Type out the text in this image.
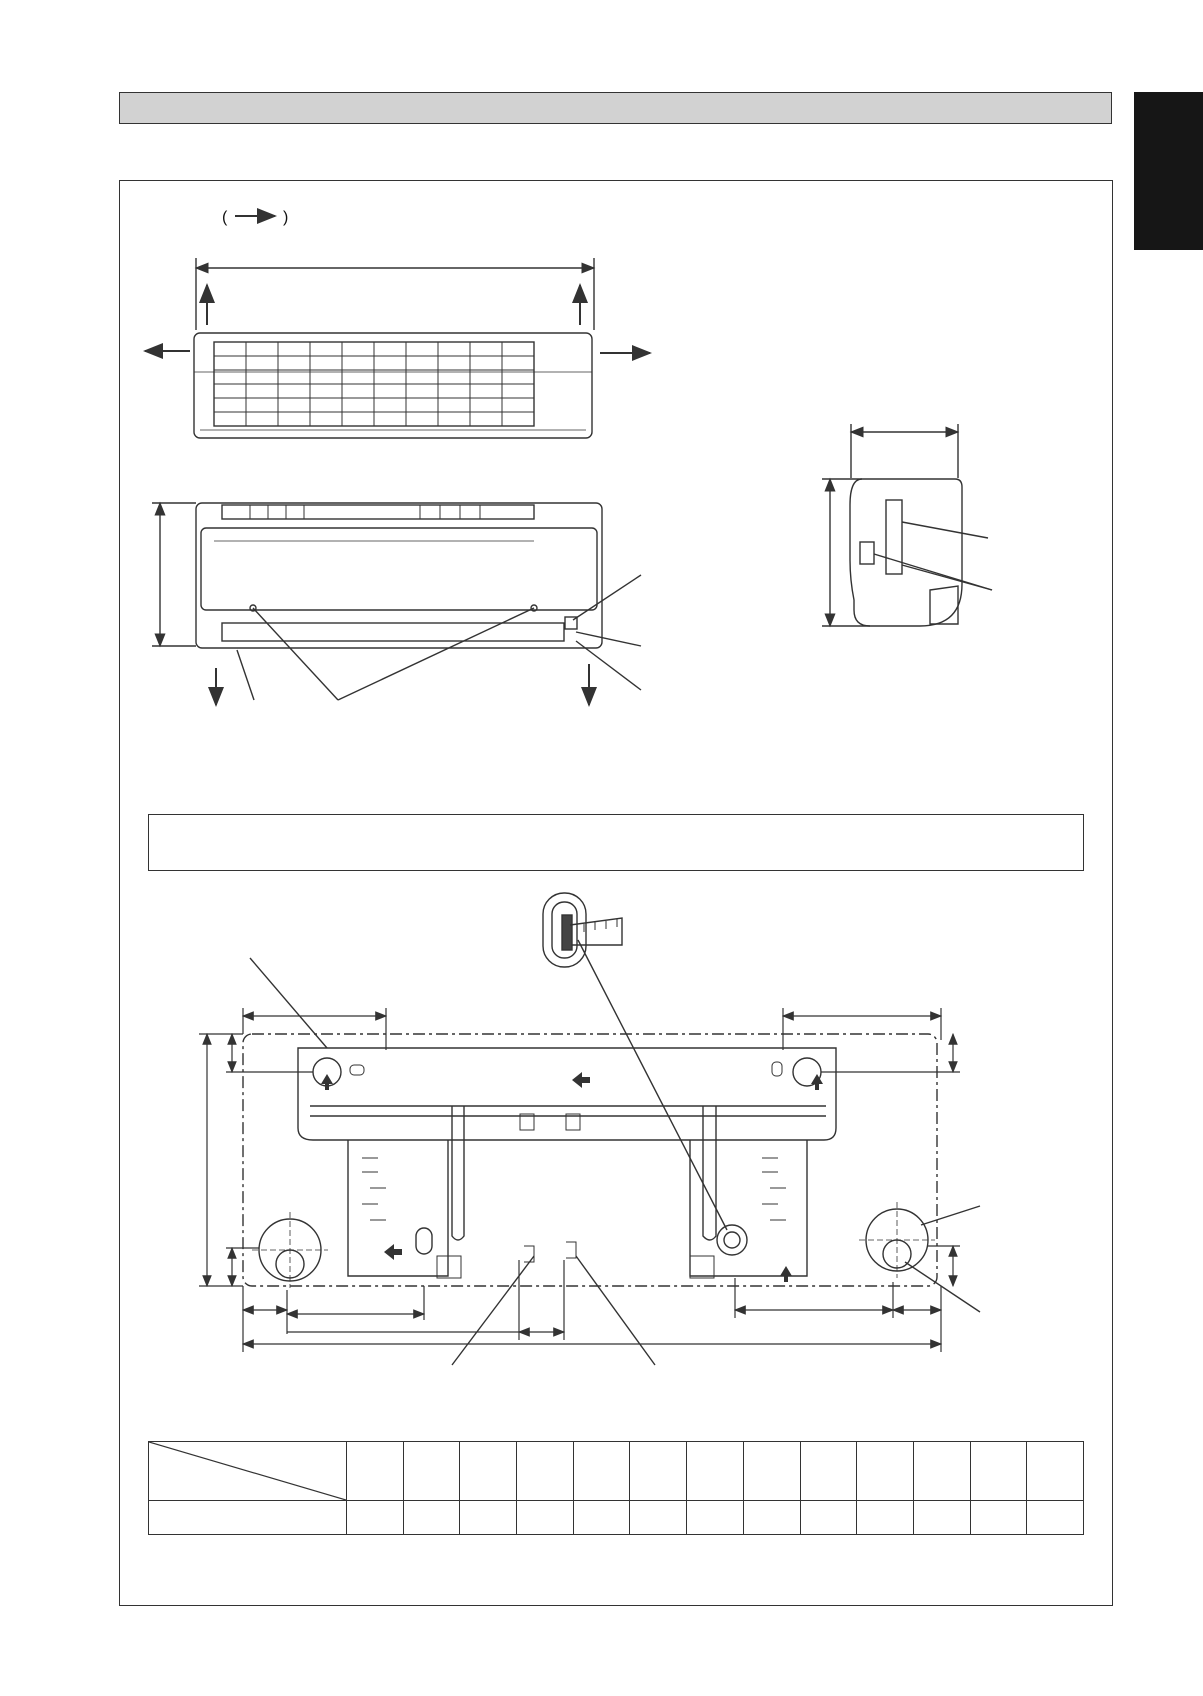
(	)
